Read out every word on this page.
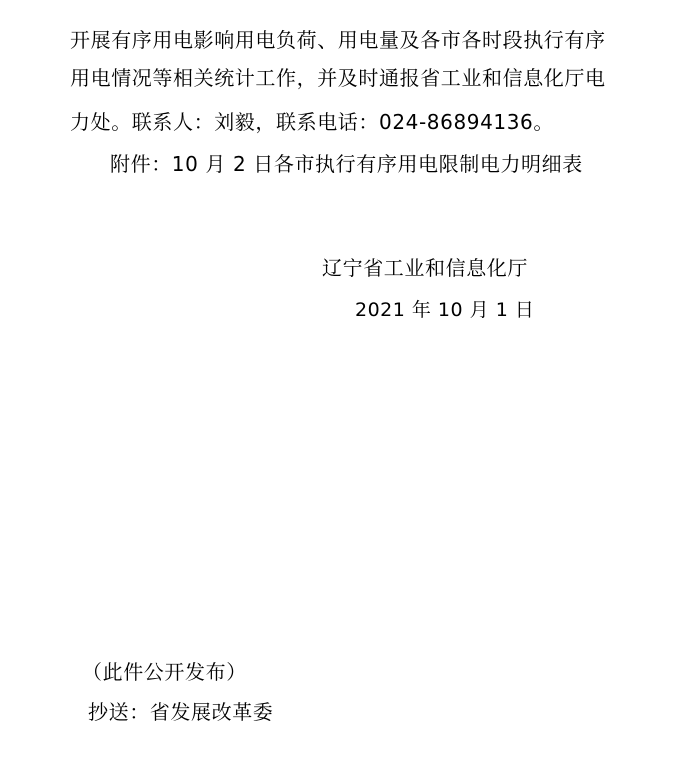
开展有序用电影响用电负荷、用电量及各市各时段执行有序
用电情况等相关统计工作，并及时通报省工业和信息化厅电
力处。联系人：刘毅，联系电话：024-86894136。
附件：10 月 2 日各市执行有序用电限制电力明细表
辽宁省工业和信息化厅
2021 年 10 月 1 日
（此件公开发布）
抄送：省发展改革委
